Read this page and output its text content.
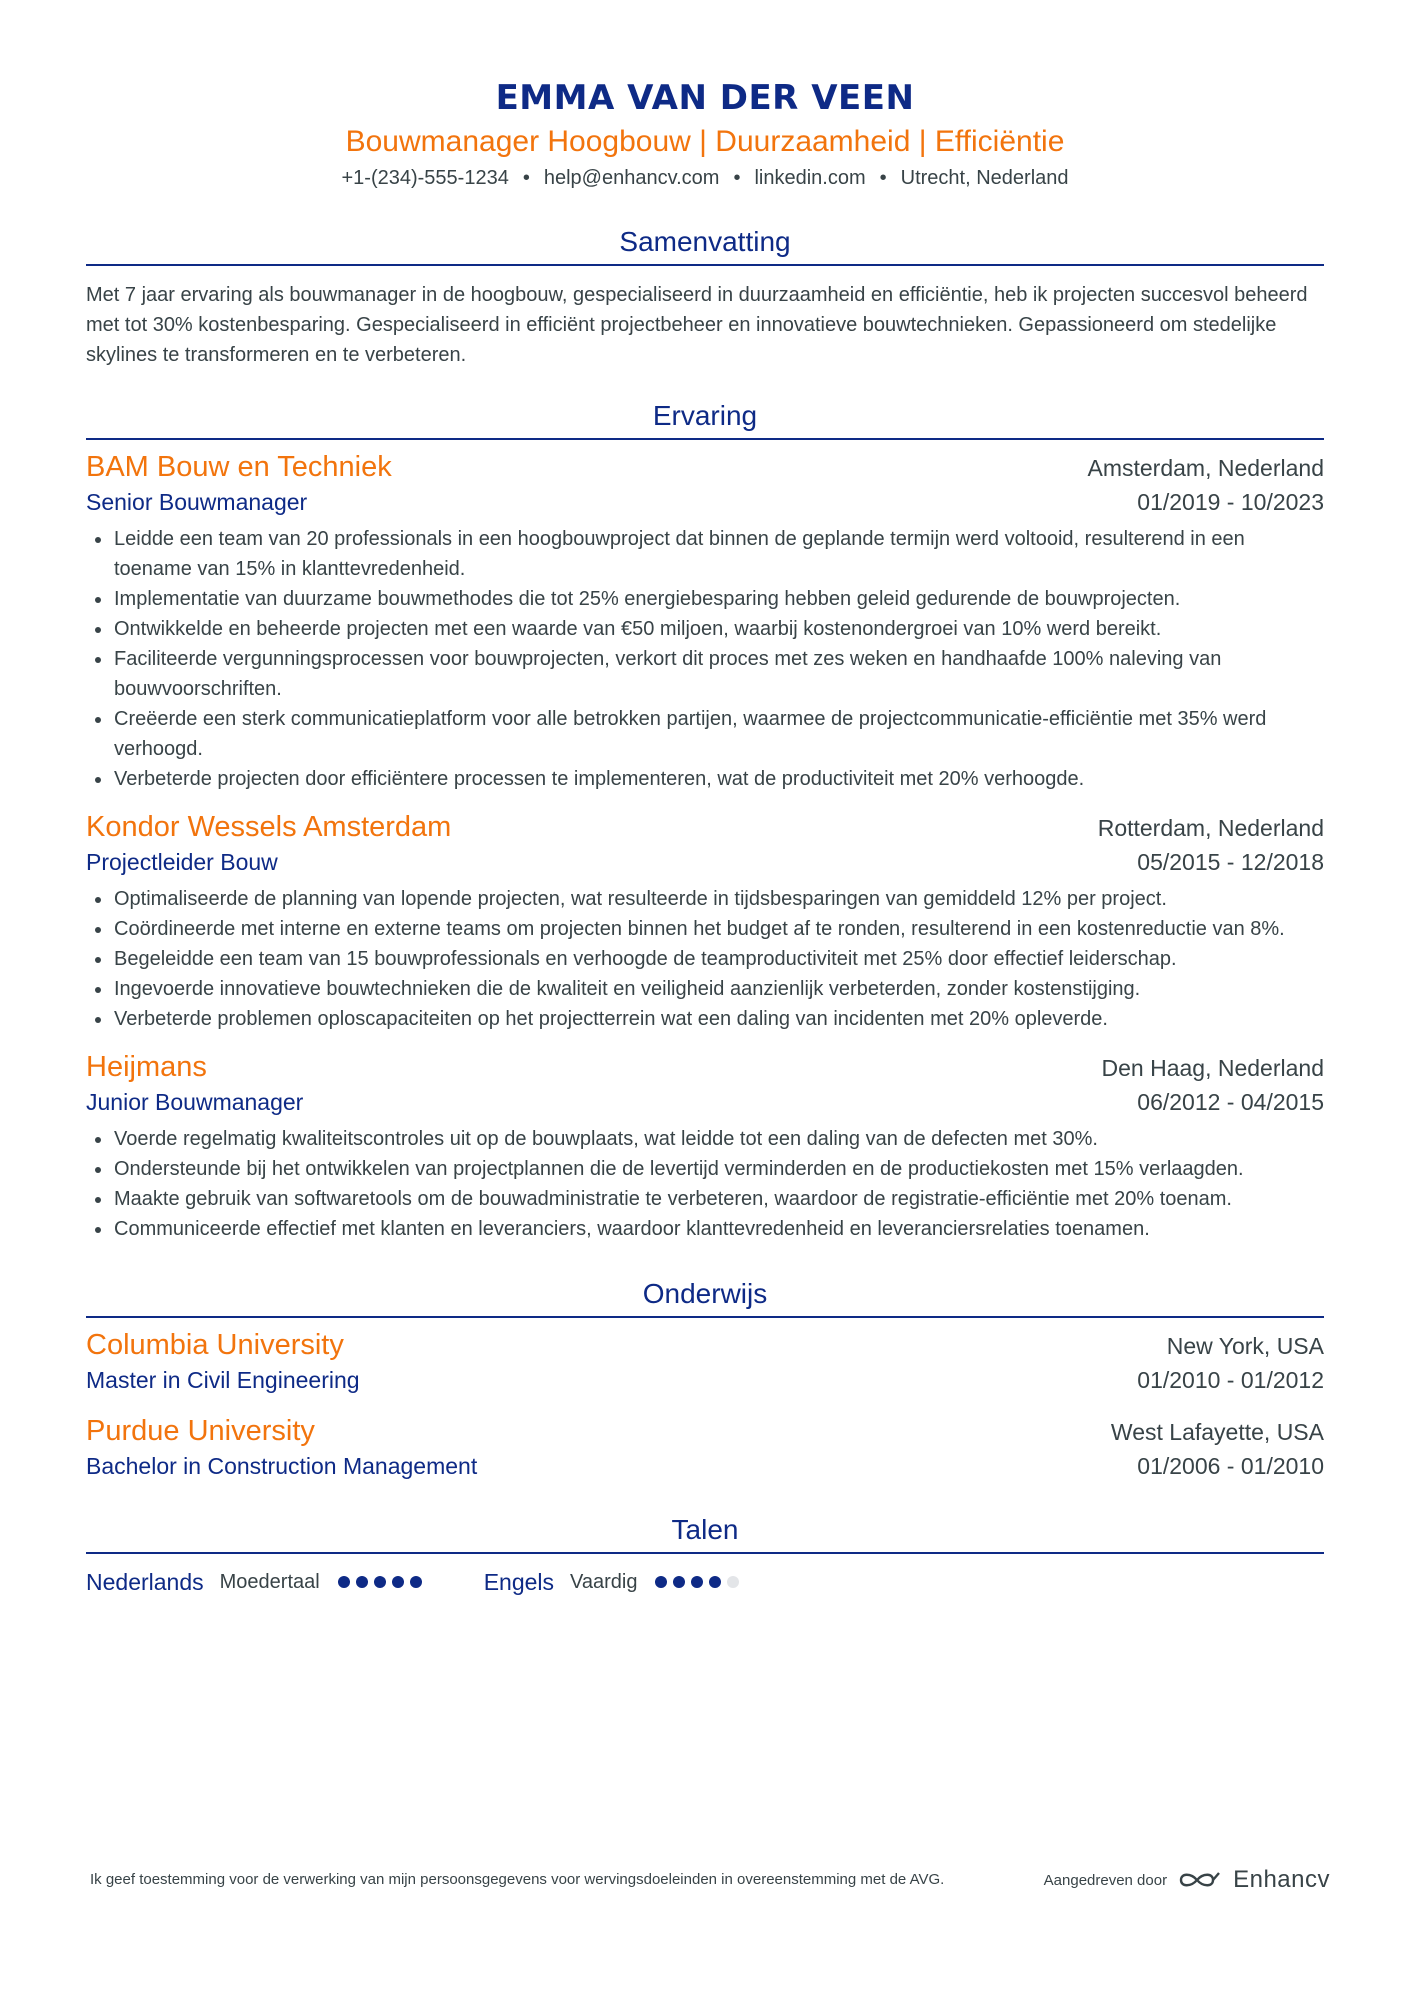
EMMA VAN DER VEEN
Bouwmanager Hoogbouw | Duurzaamheid | Efficiëntie
+1-(234)-555-1234 • help@enhancv.com • linkedin.com • Utrecht, Nederland
Samenvatting

Met 7 jaar ervaring als bouwmanager in de hoogbouw, gespecialiseerd in duurzaamheid en efficiëntie, heb ik projecten succesvol beheerd met tot 30% kostenbesparing. Gespecialiseerd in efficiënt projectbeheer en innovatieve bouwtechnieken. Gepassioneerd om stedelijke skylines te transformeren en te verbeteren.

Ervaring
BAM Bouw en Techniek	Amsterdam, Nederland
Senior Bouwmanager	01/2019 - 10/2023
Leidde een team van 20 professionals in een hoogbouwproject dat binnen de geplande termijn werd voltooid, resulterend in een toename van 15% in klanttevredenheid.
Implementatie van duurzame bouwmethodes die tot 25% energiebesparing hebben geleid gedurende de bouwprojecten.
Ontwikkelde en beheerde projecten met een waarde van €50 miljoen, waarbij kostenondergroei van 10% werd bereikt.
Faciliteerde vergunningsprocessen voor bouwprojecten, verkort dit proces met zes weken en handhaafde 100% naleving van bouwvoorschriften.
Creëerde een sterk communicatieplatform voor alle betrokken partijen, waarmee de projectcommunicatie-efficiëntie met 35% werd verhoogd.
Verbeterde projecten door efficiëntere processen te implementeren, wat de productiviteit met 20% verhoogde.
Kondor Wessels Amsterdam	Rotterdam, Nederland
Projectleider Bouw	05/2015 - 12/2018
Optimaliseerde de planning van lopende projecten, wat resulteerde in tijdsbesparingen van gemiddeld 12% per project.
Coördineerde met interne en externe teams om projecten binnen het budget af te ronden, resulterend in een kostenreductie van 8%.
Begeleidde een team van 15 bouwprofessionals en verhoogde de teamproductiviteit met 25% door effectief leiderschap.
Ingevoerde innovatieve bouwtechnieken die de kwaliteit en veiligheid aanzienlijk verbeterden, zonder kostenstijging.
Verbeterde problemen oploscapaciteiten op het projectterrein wat een daling van incidenten met 20% opleverde.
Heijmans	Den Haag, Nederland
Junior Bouwmanager	06/2012 - 04/2015
Voerde regelmatig kwaliteitscontroles uit op de bouwplaats, wat leidde tot een daling van de defecten met 30%.
Ondersteunde bij het ontwikkelen van projectplannen die de levertijd verminderden en de productiekosten met 15% verlaagden.
Maakte gebruik van softwaretools om de bouwadministratie te verbeteren, waardoor de registratie-efficiëntie met 20% toenam.
Communiceerde effectief met klanten en leveranciers, waardoor klanttevredenheid en leveranciersrelaties toenamen.
Onderwijs
Columbia University	New York, USA
Master in Civil Engineering	01/2010 - 01/2012
Purdue University	West Lafayette, USA
Bachelor in Construction Management	01/2006 - 01/2010
Talen
Nederlands Moedertaal	Engels Vaardig
Ik geef toestemming voor de verwerking van mijn persoonsgegevens voor wervingsdoeleinden in overeenstemming met de AVG.	Aangedreven door	Enhancv
